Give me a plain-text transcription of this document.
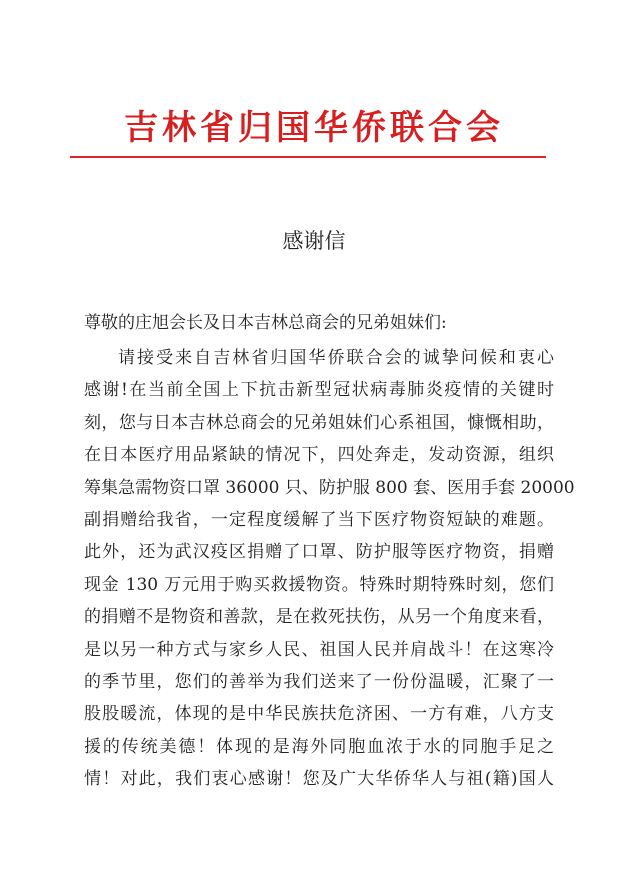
吉林省归国华侨联合会
感谢信
尊敬的庄旭会长及日本吉林总商会的兄弟姐妹们:
请接受来自吉林省归国华侨联合会的诚挚问候和衷心
感谢!在当前全国上下抗击新型冠状病毒肺炎疫情的关键时
刻，您与日本吉林总商会的兄弟姐妹们心系祖国，慷慨相助，
在日本医疗用品紧缺的情况下，四处奔走，发动资源，组织
筹集急需物资口罩 36000 只、防护服 800 套、医用手套 20000
副捐赠给我省，一定程度缓解了当下医疗物资短缺的难题。
此外，还为武汉疫区捐赠了口罩、防护服等医疗物资，捐赠
现金 130 万元用于购买救援物资。特殊时期特殊时刻，您们
的捐赠不是物资和善款，是在救死扶伤，从另一个角度来看，
是以另一种方式与家乡人民、祖国人民并肩战斗！在这寒冷
的季节里，您们的善举为我们送来了一份份温暖，汇聚了一
股股暖流，体现的是中华民族扶危济困、一方有难，八方支
援的传统美德！体现的是海外同胞血浓于水的同胞手足之
情！对此，我们衷心感谢！您及广大华侨华人与祖(籍)国人
